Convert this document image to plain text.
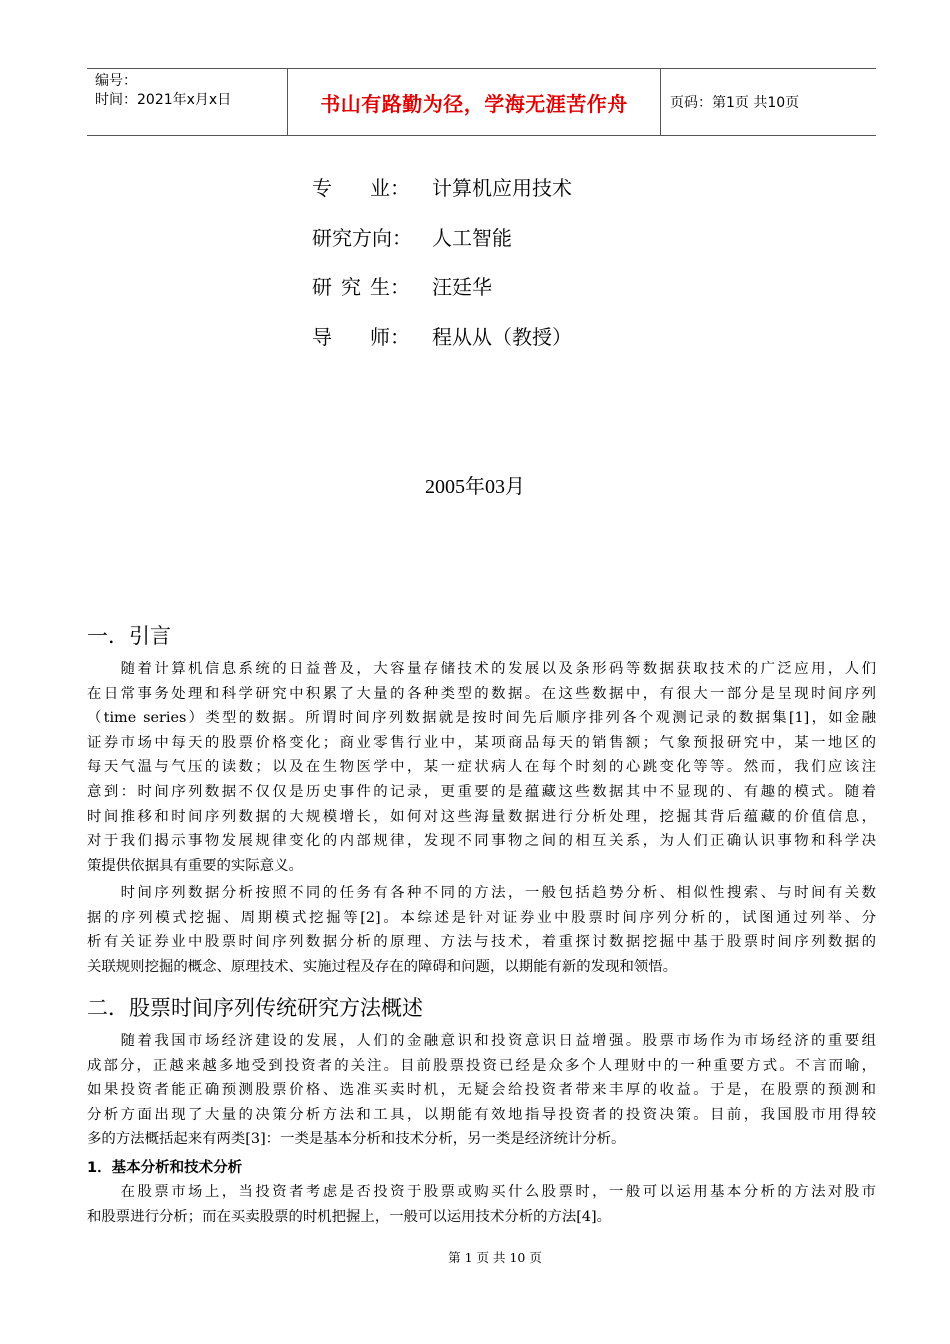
编号：
时间：2021年x月x日	书山有路勤为径，学海无涯苦作舟	页码：第1页 共10页
专 业： 计算机应用技术
研究方向： 人工智能
研 究 生： 汪廷华
导 师： 程从从（教授）
2005年03月
一．引言
　　随着计算机信息系统的日益普及，大容量存储技术的发展以及条形码等数据获取技术的广泛应用，人们
在日常事务处理和科学研究中积累了大量的各种类型的数据。在这些数据中，有很大一部分是呈现时间序列
（time series）类型的数据。所谓时间序列数据就是按时间先后顺序排列各个观测记录的数据集[1]，如金融
证券市场中每天的股票价格变化；商业零售行业中，某项商品每天的销售额；气象预报研究中，某一地区的
每天气温与气压的读数；以及在生物医学中，某一症状病人在每个时刻的心跳变化等等。然而，我们应该注
意到：时间序列数据不仅仅是历史事件的记录，更重要的是蕴藏这些数据其中不显现的、有趣的模式。随着
时间推移和时间序列数据的大规模增长，如何对这些海量数据进行分析处理，挖掘其背后蕴藏的价值信息，
对于我们揭示事物发展规律变化的内部规律，发现不同事物之间的相互关系，为人们正确认识事物和科学决
策提供依据具有重要的实际意义。
　　时间序列数据分析按照不同的任务有各种不同的方法，一般包括趋势分析、相似性搜索、与时间有关数
据的序列模式挖掘、周期模式挖掘等[2]。本综述是针对证券业中股票时间序列分析的，试图通过列举、分
析有关证券业中股票时间序列数据分析的原理、方法与技术，着重探讨数据挖掘中基于股票时间序列数据的
关联规则挖掘的概念、原理技术、实施过程及存在的障碍和问题，以期能有新的发现和领悟。
二．股票时间序列传统研究方法概述
　　随着我国市场经济建设的发展，人们的金融意识和投资意识日益增强。股票市场作为市场经济的重要组
成部分，正越来越多地受到投资者的关注。目前股票投资已经是众多个人理财中的一种重要方式。不言而喻，
如果投资者能正确预测股票价格、选准买卖时机，无疑会给投资者带来丰厚的收益。于是，在股票的预测和
分析方面出现了大量的决策分析方法和工具，以期能有效地指导投资者的投资决策。目前，我国股市用得较
多的方法概括起来有两类[3]：一类是基本分析和技术分析，另一类是经济统计分析。
1．基本分析和技术分析
　　在股票市场上，当投资者考虑是否投资于股票或购买什么股票时，一般可以运用基本分析的方法对股市
和股票进行分析；而在买卖股票的时机把握上，一般可以运用技术分析的方法[4]。
第 1 页 共 10 页
